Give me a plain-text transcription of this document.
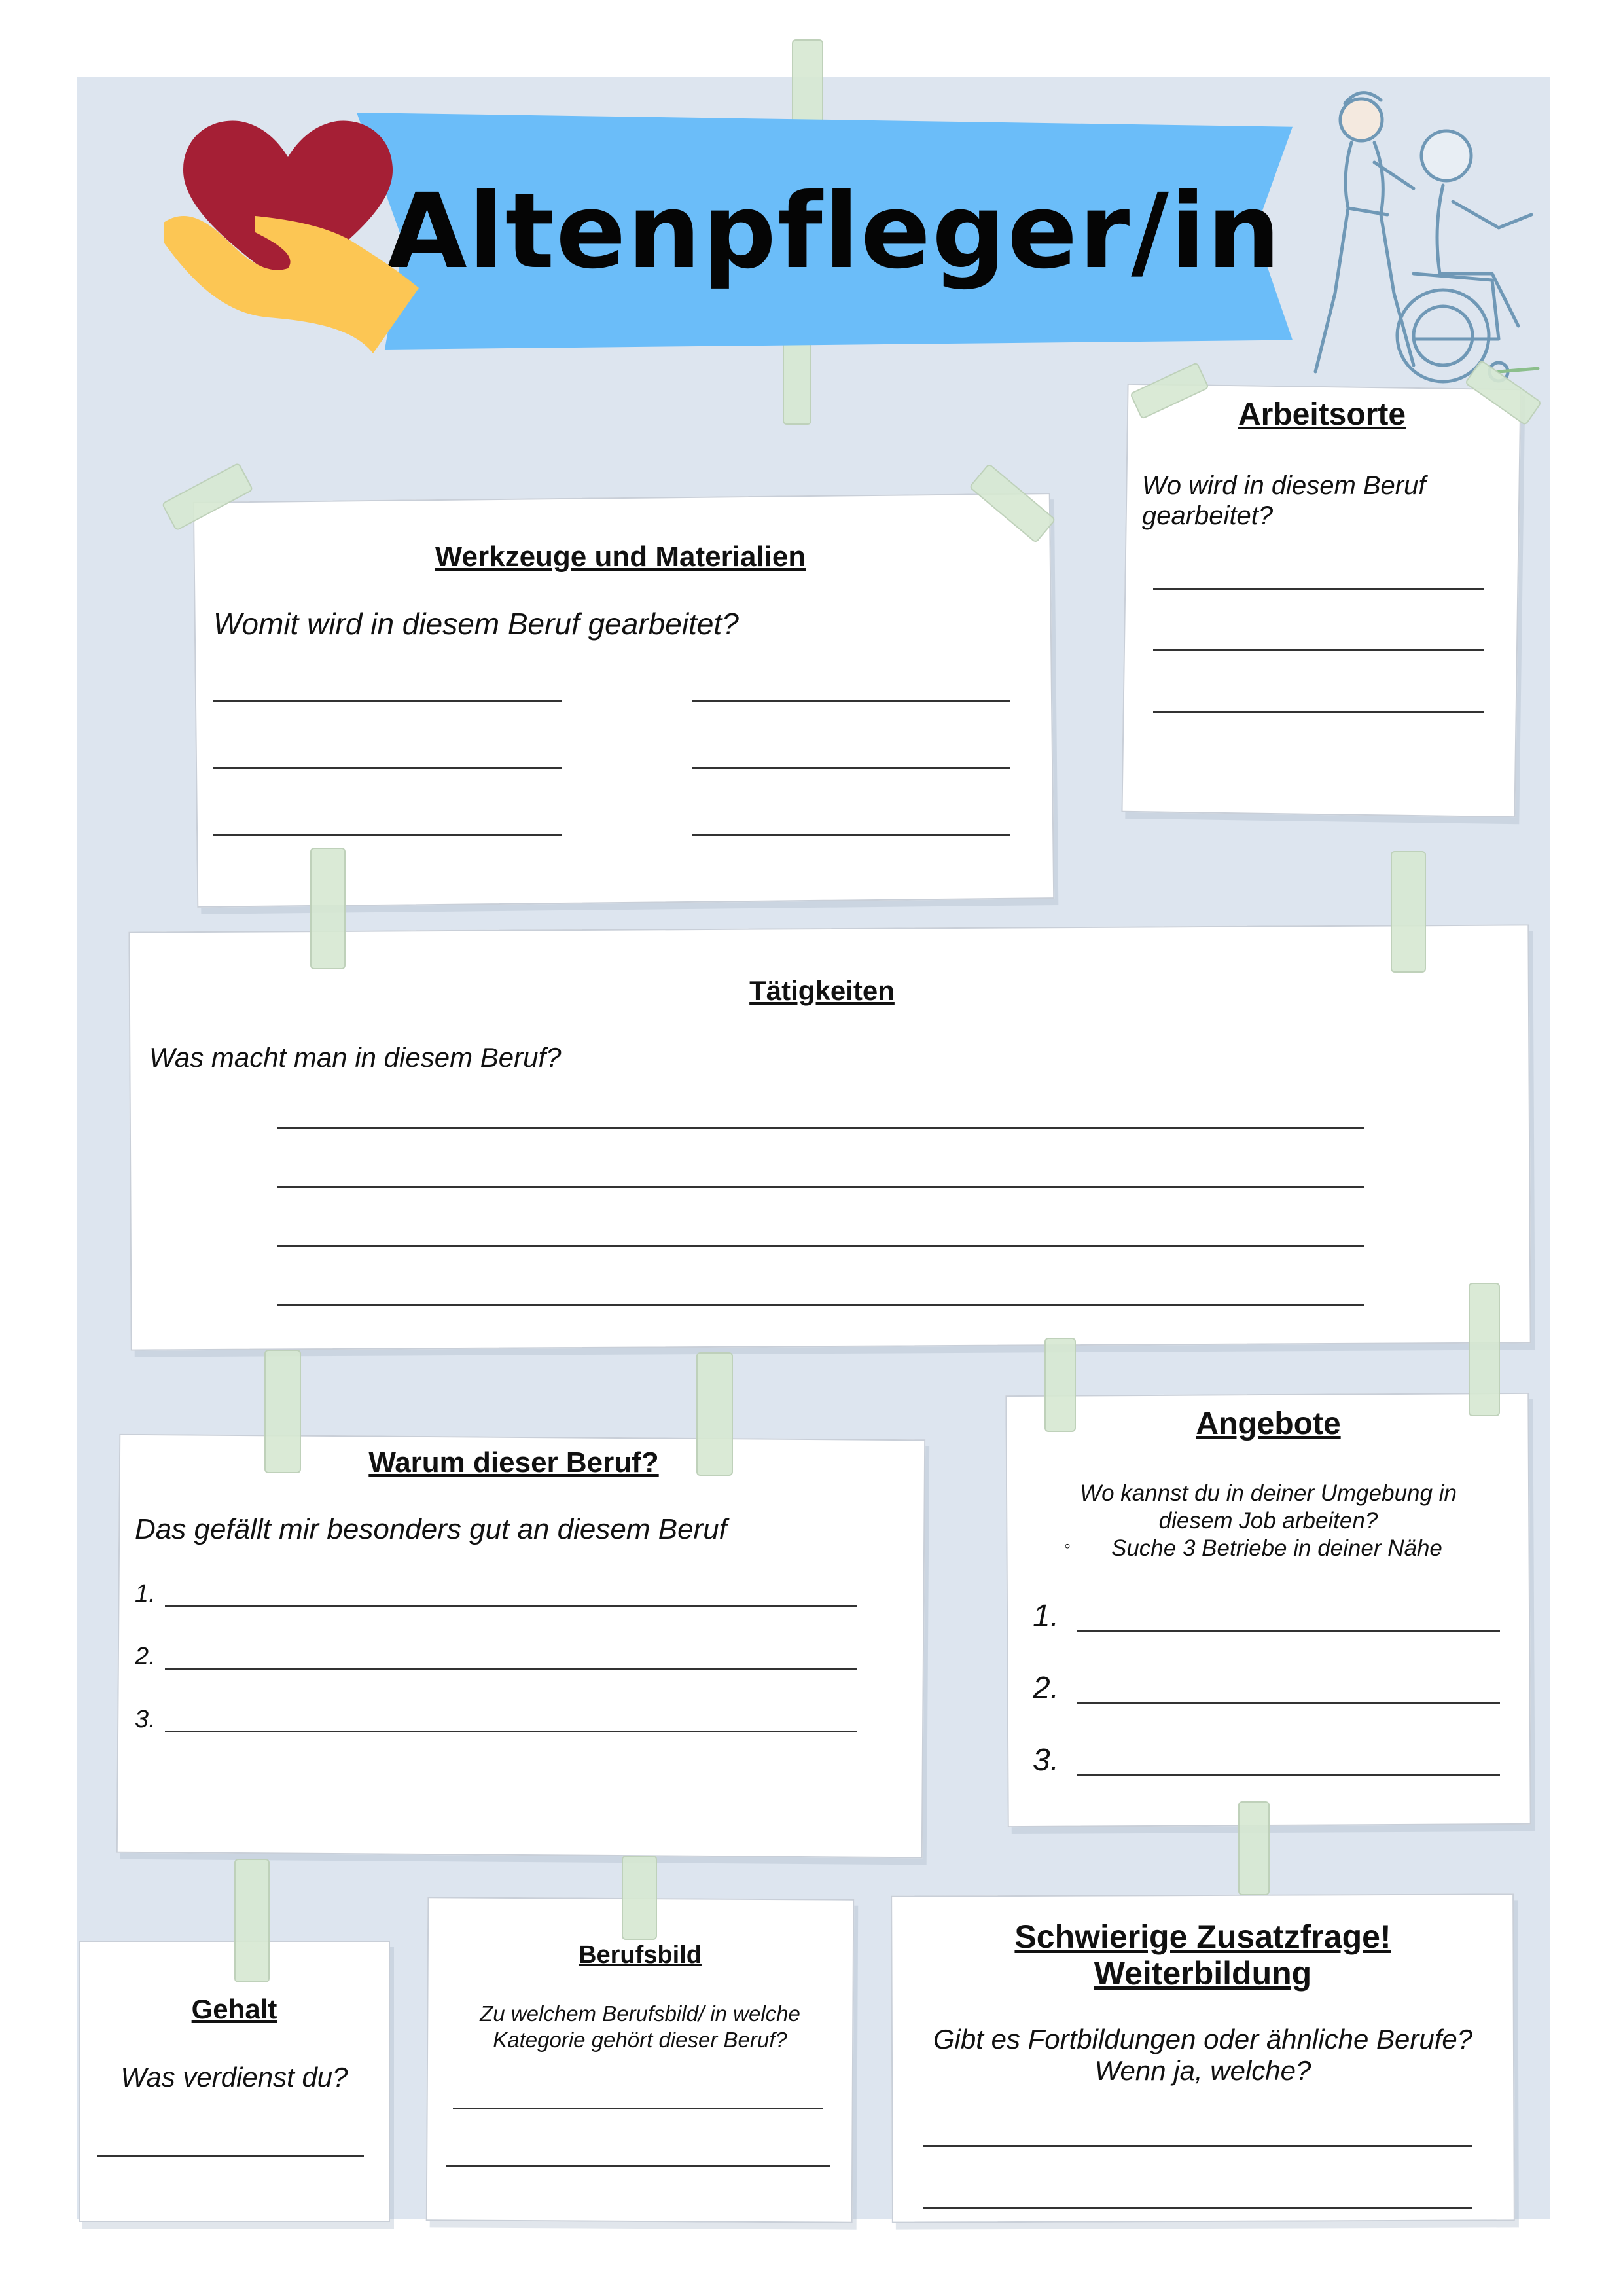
Altenpfleger/in
Werkzeuge und Materialien
Womit wird in diesem Beruf gearbeitet?
Arbeitsorte
Wo wird in diesem Beruf
gearbeitet?
Tätigkeiten
Was macht man in diesem Beruf?
Warum dieser Beruf?
Das gefällt mir besonders gut an diesem Beruf
1.
2.
3.
Angebote
Wo kannst du in deiner Umgebung in
diesem Job arbeiten?
◦ Suche 3 Betriebe in deiner Nähe
1.
2.
3.
Gehalt
Was verdienst du?
Berufsbild
Zu welchem Berufsbild/ in welche
Kategorie gehört dieser Beruf?
Schwierige Zusatzfrage!
Weiterbildung
Gibt es Fortbildungen oder ähnliche Berufe?
Wenn ja, welche?
